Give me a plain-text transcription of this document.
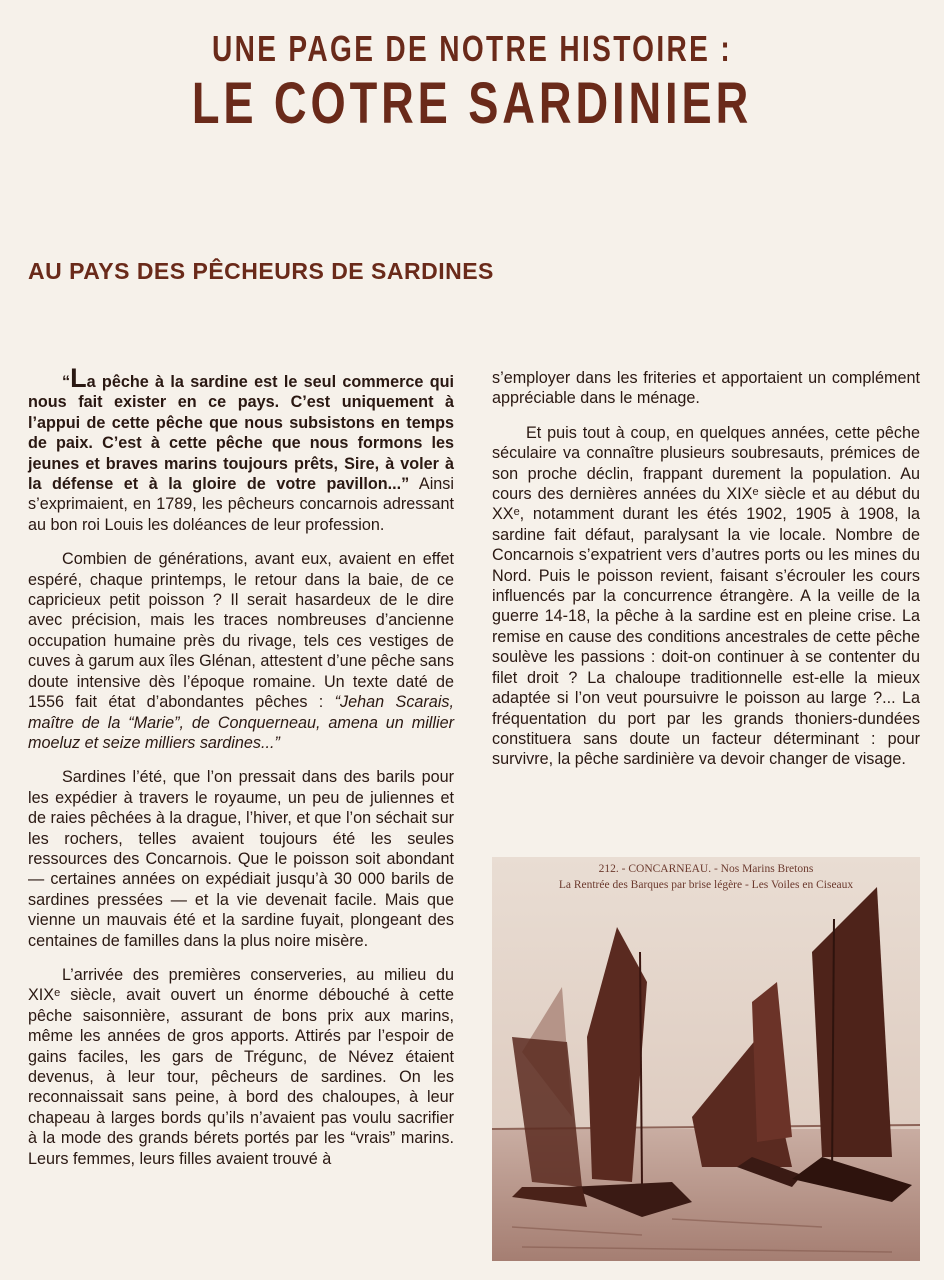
UNE PAGE DE NOTRE HISTOIRE :
LE COTRE SARDINIER
AU PAYS DES PÊCHEURS DE SARDINES

“La pêche à la sardine est le seul commerce qui nous fait exister en ce pays. C’est uniquement à l’appui de cette pêche que nous subsistons en temps de paix. C’est à cette pêche que nous formons les jeunes et braves marins toujours prêts, Sire, à voler à la défense et à la gloire de votre pavillon...” Ainsi s’exprimaient, en 1789, les pêcheurs concarnois adressant au bon roi Louis les doléances de leur profession.

Combien de générations, avant eux, avaient en effet espéré, chaque printemps, le retour dans la baie, de ce capricieux petit poisson ? Il serait hasardeux de le dire avec précision, mais les traces nombreuses d’ancienne occupation humaine près du rivage, tels ces vestiges de cuves à garum aux îles Glénan, attestent d’une pêche sans doute intensive dès l’époque romaine. Un texte daté de 1556 fait état d’abondantes pêches : “Jehan Scarais, maître de la “Marie”, de Conquerneau, amena un millier moeluz et seize milliers sardines...”

Sardines l’été, que l’on pressait dans des barils pour les expédier à travers le royaume, un peu de juliennes et de raies pêchées à la drague, l’hiver, et que l’on séchait sur les rochers, telles avaient toujours été les seules ressources des Concarnois. Que le poisson soit abondant — certaines années on expédiait jusqu’à 30 000 barils de sardines pressées — et la vie devenait facile. Mais que vienne un mauvais été et la sardine fuyait, plongeant des centaines de familles dans la plus noire misère.

L’arrivée des premières conserveries, au milieu du XIXᵉ siècle, avait ouvert un énorme débouché à cette pêche saisonnière, assurant de bons prix aux marins, même les années de gros apports. Attirés par l’espoir de gains faciles, les gars de Trégunc, de Névez étaient devenus, à leur tour, pêcheurs de sardines. On les reconnaissait sans peine, à bord des chaloupes, à leur chapeau à larges bords qu’ils n’avaient pas voulu sacrifier à la mode des grands bérets portés par les “vrais” marins. Leurs femmes, leurs filles avaient trouvé à

s’employer dans les friteries et apportaient un complément appréciable dans le ménage.

Et puis tout à coup, en quelques années, cette pêche séculaire va connaître plusieurs soubresauts, prémices de son proche déclin, frappant durement la population. Au cours des dernières années du XIXᵉ siècle et au début du XXᵉ, notamment durant les étés 1902, 1905 à 1908, la sardine fait défaut, paralysant la vie locale. Nombre de Concarnois s’expatrient vers d’autres ports ou les mines du Nord. Puis le poisson revient, faisant s’écrouler les cours influencés par la concurrence étrangère. A la veille de la guerre 14-18, la pêche à la sardine est en pleine crise. La remise en cause des conditions ancestrales de cette pêche soulève les passions : doit-on continuer à se contenter du filet droit ? La chaloupe traditionnelle est-elle la mieux adaptée si l’on veut poursuivre le poisson au large ?... La fréquentation du port par les grands thoniers-dundées constituera sans doute un facteur déterminant : pour survivre, la pêche sardinière va devoir changer de visage.

212. - CONCARNEAU. - Nos Marins Bretons
La Rentrée des Barques par brise légère - Les Voiles en Ciseaux
